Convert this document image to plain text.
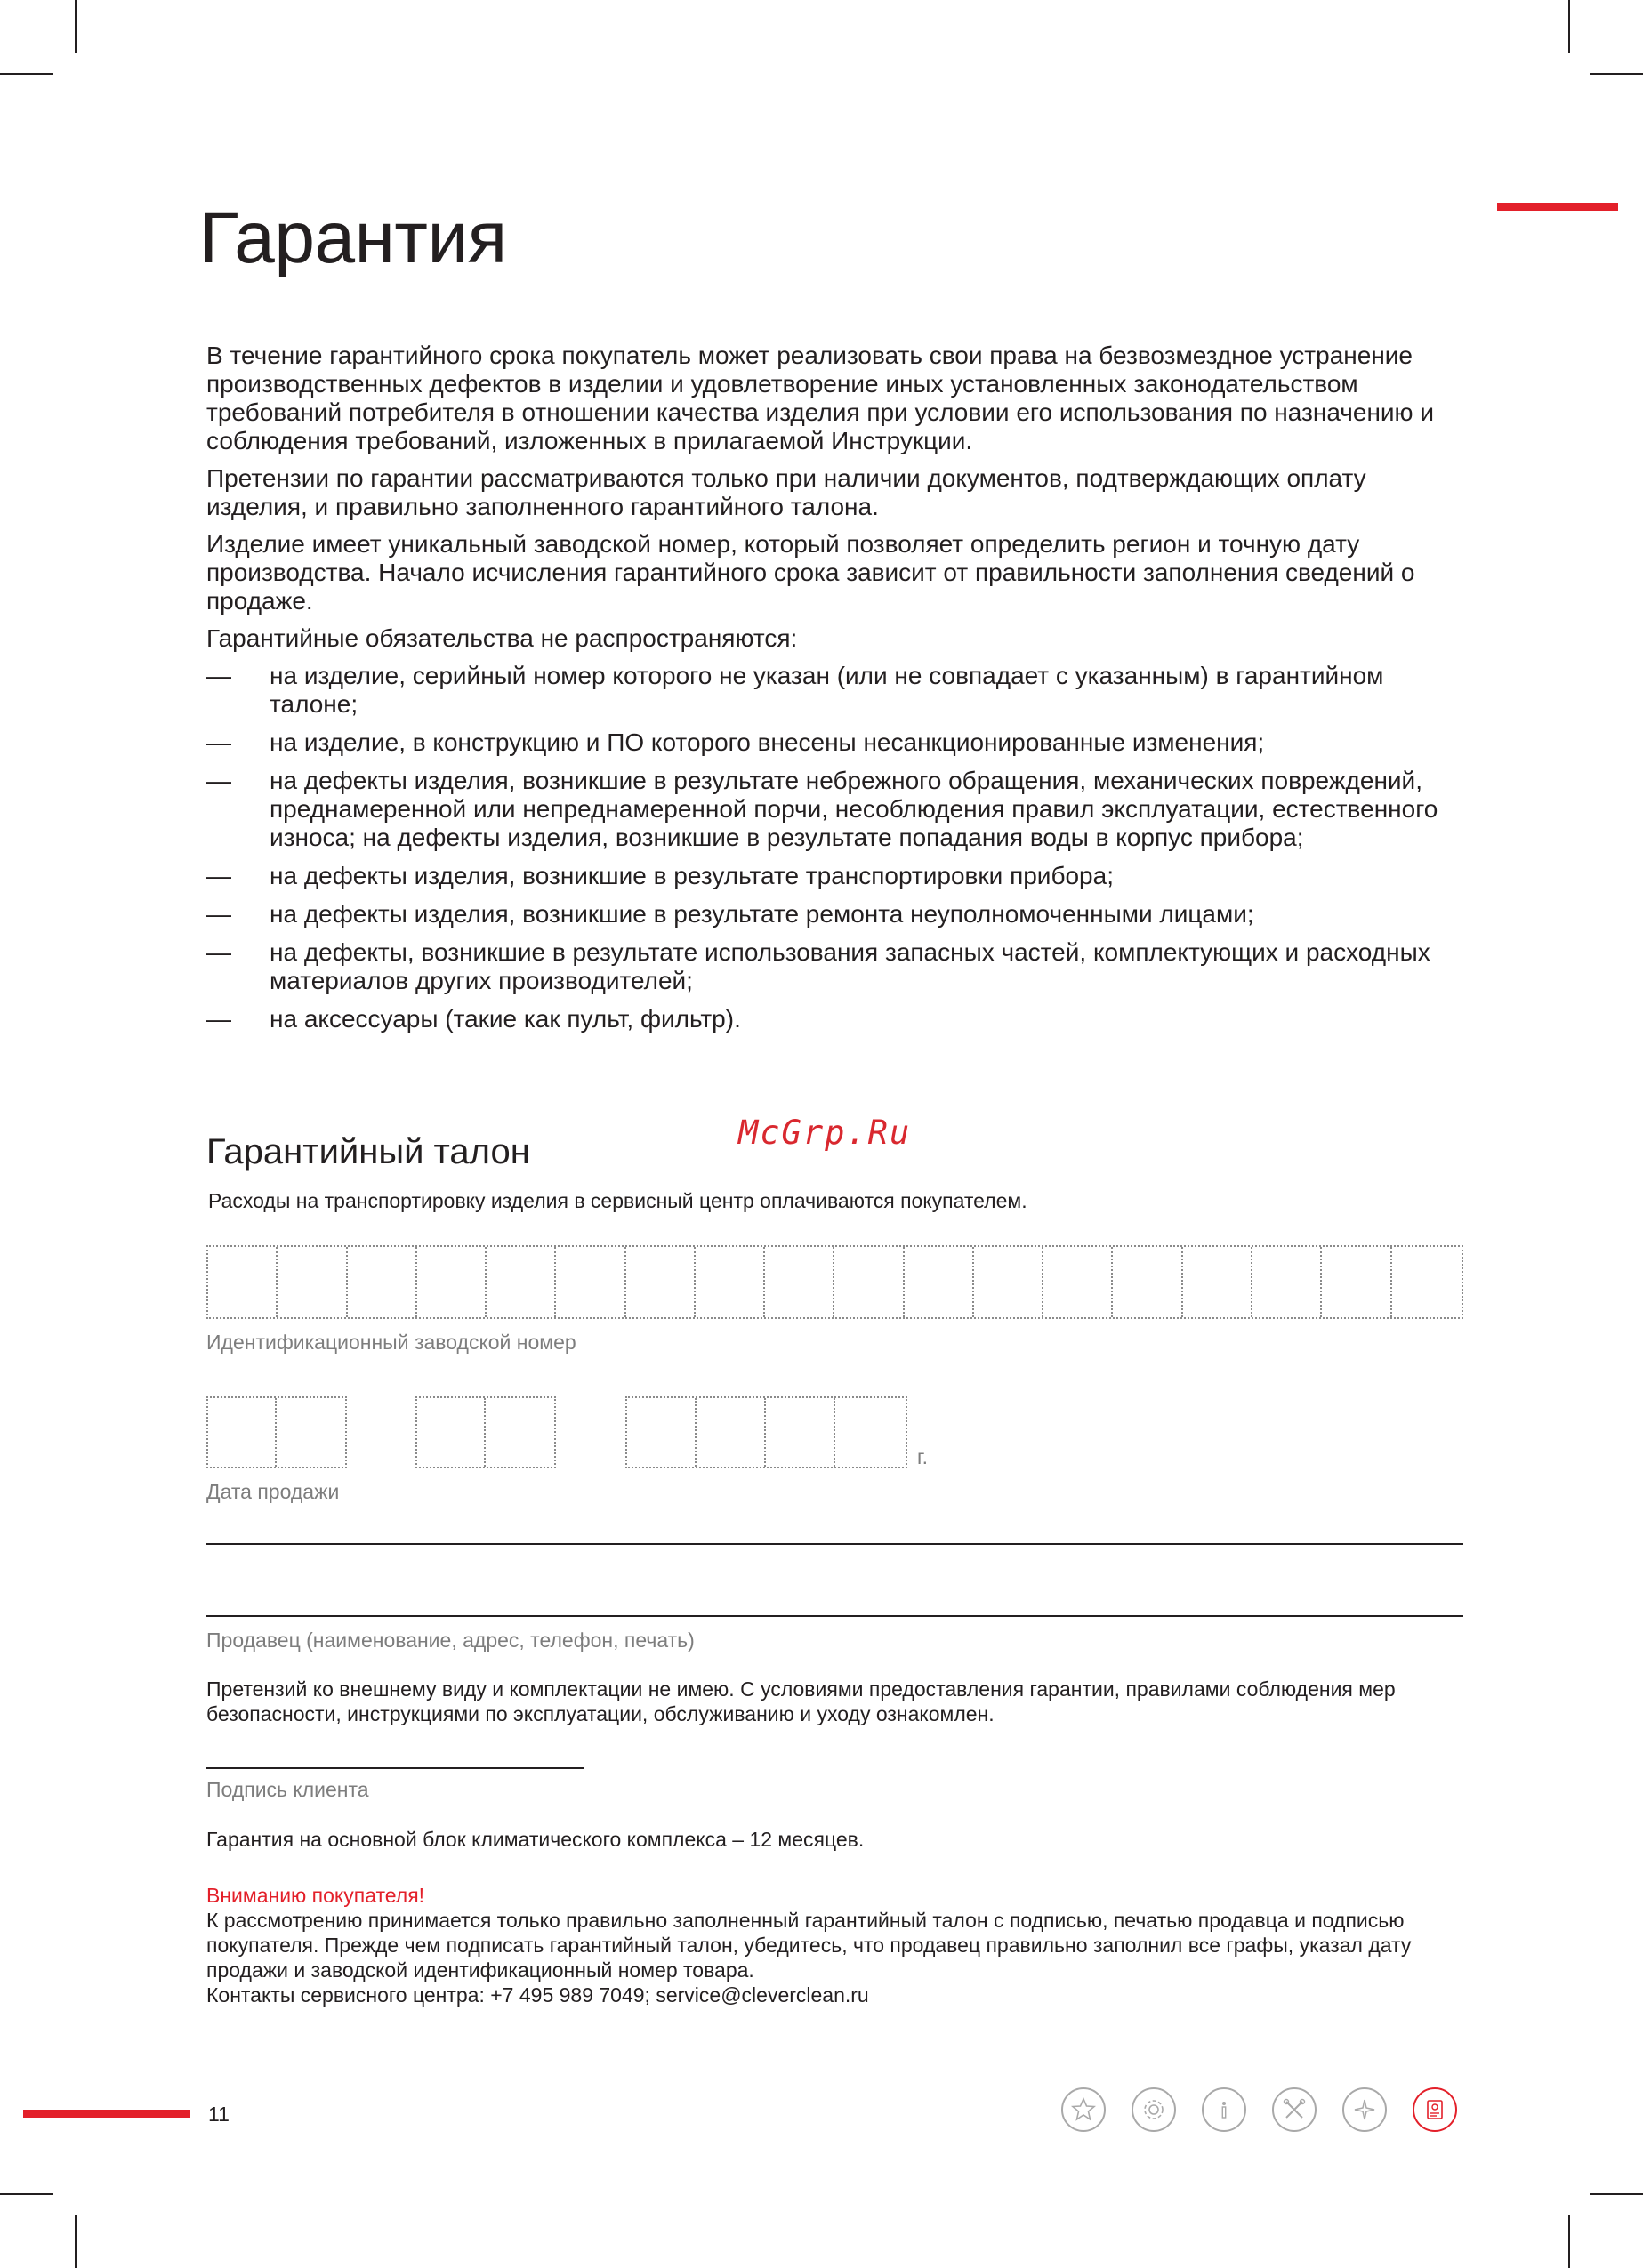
Гарантия

В течение гарантийного срока покупатель может реализовать свои права на безвозмездное устранение производственных дефектов в изделии и удовлетворение иных установленных законодательством требований потребителя в отношении качества изделия при условии его использования по назначению и соблюдения требований, изложенных в прилагаемой Инструкции.

Претензии по гарантии рассматриваются только при наличии документов, подтверждающих оплату изделия, и правильно заполненного гарантийного талона.

Изделие имеет уникальный заводской номер, который позволяет определить регион и точную дату производства. Начало исчисления гарантийного срока зависит от правильности заполнения сведений о продаже.

Гарантийные обязательства не распространяются:

— на изделие, серийный номер которого не указан (или не совпадает с указанным) в гарантийном талоне;
— на изделие, в конструкцию и ПО которого внесены несанкционированные изменения;
— на дефекты изделия, возникшие в результате небрежного обращения, механических повреждений, преднамеренной или непреднамеренной порчи, несоблюдения правил эксплуатации, естественного износа; на дефекты изделия, возникшие в результате попадания воды в корпус прибора;
— на дефекты изделия, возникшие в результате транспортировки прибора;
— на дефекты изделия, возникшие в результате ремонта неуполномоченными лицами;
— на дефекты, возникшие в результате использования запасных частей, комплектующих и расходных материалов других производителей;
— на аксессуары (такие как пульт, фильтр).
McGrp.Ru
Гарантийный талон
Расходы на транспортировку изделия в сервисный центр оплачиваются покупателем.
Идентификационный заводской номер
г.
Дата продажи
Продавец (наименование, адрес, телефон, печать)

Претензий ко внешнему виду и комплектации не имею. С условиями предоставления гарантии, правилами соблюдения мер безопасности, инструкциями по эксплуатации, обслуживанию и уходу ознакомлен.

Подпись клиента
Гарантия на основной блок климатического комплекса – 12 месяцев.

Вниманию покупателя!

К рассмотрению принимается только правильно заполненный гарантийный талон с подписью, печатью продавца и подписью покупателя. Прежде чем подписать гарантийный талон, убедитесь, что продавец правильно заполнил все графы, указал дату продажи и заводской идентификационный номер товара.

Контакты сервисного центра: +7 495 989 7049; service@cleverclean.ru

11
